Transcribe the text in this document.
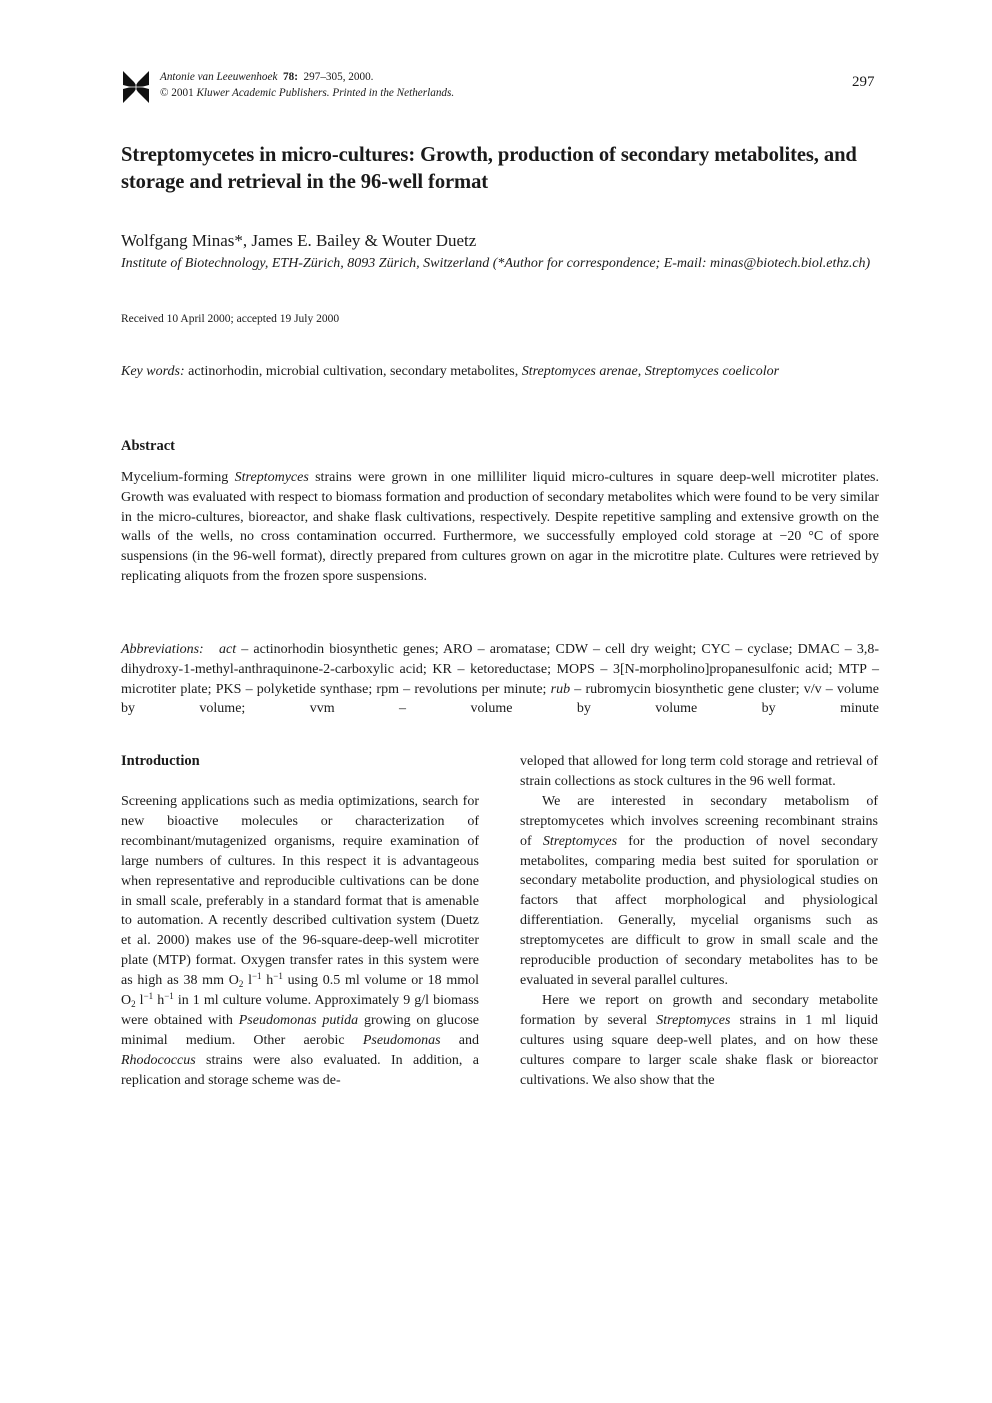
Antonie van Leeuwenhoek 78: 297–305, 2000.
© 2001 Kluwer Academic Publishers. Printed in the Netherlands.
297
Streptomycetes in micro-cultures: Growth, production of secondary metabolites, and storage and retrieval in the 96-well format
Wolfgang Minas*, James E. Bailey & Wouter Duetz
Institute of Biotechnology, ETH-Zürich, 8093 Zürich, Switzerland (*Author for correspondence; E-mail: minas@biotech.biol.ethz.ch)
Received 10 April 2000; accepted 19 July 2000
Key words: actinorhodin, microbial cultivation, secondary metabolites, Streptomyces arenae, Streptomyces coelicolor
Abstract
Mycelium-forming Streptomyces strains were grown in one milliliter liquid micro-cultures in square deep-well microtiter plates. Growth was evaluated with respect to biomass formation and production of secondary metabolites which were found to be very similar in the micro-cultures, bioreactor, and shake flask cultivations, respectively. Despite repetitive sampling and extensive growth on the walls of the wells, no cross contamination occurred. Furthermore, we successfully employed cold storage at −20 °C of spore suspensions (in the 96-well format), directly prepared from cultures grown on agar in the microtitre plate. Cultures were retrieved by replicating aliquots from the frozen spore suspensions.
Abbreviations: act – actinorhodin biosynthetic genes; ARO – aromatase; CDW – cell dry weight; CYC – cyclase; DMAC – 3,8-dihydroxy-1-methyl-anthraquinone-2-carboxylic acid; KR – ketoreductase; MOPS – 3[N-morpholino]propanesulfonic acid; MTP – microtiter plate; PKS – polyketide synthase; rpm – revolutions per minute; rub – rubromycin biosynthetic gene cluster; v/v – volume by volume; vvm – volume by volume by minute
Introduction

Screening applications such as media optimizations, search for new bioactive molecules or characterization of recombinant/mutagenized organisms, require examination of large numbers of cultures. In this respect it is advantageous when representative and reproducible cultivations can be done in small scale, preferably in a standard format that is amenable to automation. A recently described cultivation system (Duetz et al. 2000) makes use of the 96-square-deep-well microtiter plate (MTP) format. Oxygen transfer rates in this system were as high as 38 mm $O_2$ $l^{-1}$ $h^{-1}$ using 0.5 ml volume or 18 mmol $O_2$ $l^{-1}$ $h^{-1}$ in 1 ml culture volume. Approximately 9 g/l biomass were obtained with Pseudomonas putida growing on glucose minimal medium. Other aerobic Pseudomonas and Rhodococcus strains were also evaluated. In addition, a replication and storage scheme was de-

veloped that allowed for long term cold storage and retrieval of strain collections as stock cultures in the 96 well format.

We are interested in secondary metabolism of streptomycetes which involves screening recombinant strains of Streptomyces for the production of novel secondary metabolites, comparing media best suited for sporulation or secondary metabolite production, and physiological studies on factors that affect morphological and physiological differentiation. Generally, mycelial organisms such as streptomycetes are difficult to grow in small scale and the reproducible production of secondary metabolites has to be evaluated in several parallel cultures.

Here we report on growth and secondary metabolite formation by several Streptomyces strains in 1 ml liquid cultures using square deep-well plates, and on how these cultures compare to larger scale shake flask or bioreactor cultivations. We also show that the
